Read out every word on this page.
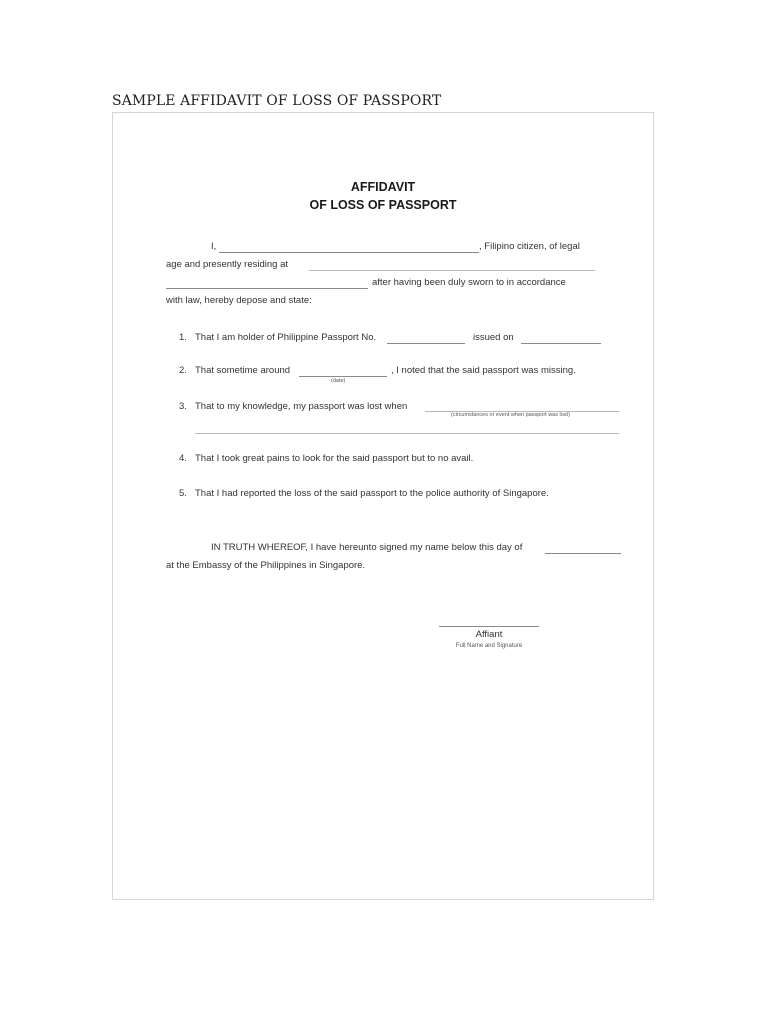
SAMPLE AFFIDAVIT OF LOSS OF PASSPORT
AFFIDAVIT
OF LOSS OF PASSPORT
I,	, Filipino citizen, of legal
age and presently residing at
after having been duly sworn to in accordance
with law, hereby depose and state:
1. That I am holder of Philippine Passport No.	issued on
2. That sometime around
(date)
, I noted that the said passport was missing.
3. That to my knowledge, my passport was lost when
(circumstances or event when passport was lost)
4. That I took great pains to look for the said passport but to no avail.
5. That I had reported the loss of the said passport to the police authority of Singapore.
IN TRUTH WHEREOF, I have hereunto signed my name below this day of
at the Embassy of the Philippines in Singapore.
Affiant
Full Name and Signature
